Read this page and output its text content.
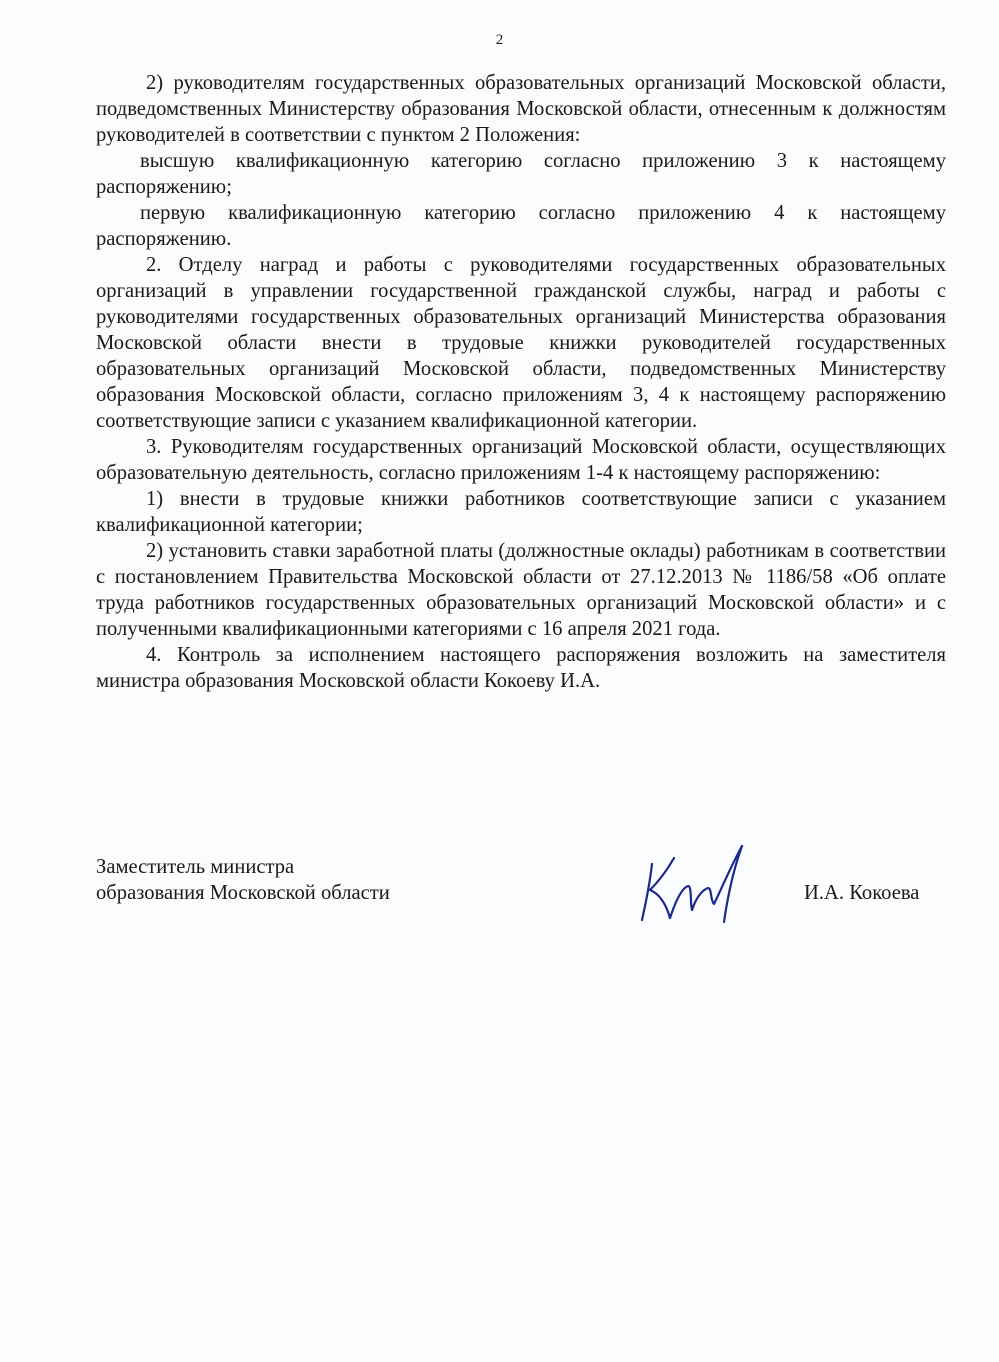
2

2) руководителям государственных образовательных организаций Московской области, подведомственных Министерству образования Московской области, отнесенным к должностям руководителей в соответствии с пунктом 2 Положения:

высшую квалификационную категорию согласно приложению 3 к настоящему распоряжению;

первую квалификационную категорию согласно приложению 4 к настоящему распоряжению.

2. Отделу наград и работы с руководителями государственных образовательных организаций в управлении государственной гражданской службы, наград и работы с руководителями государственных образовательных организаций Министерства образования Московской области внести в трудовые книжки руководителей государственных образовательных организаций Московской области, подведомственных Министерству образования Московской области, согласно приложениям 3, 4 к настоящему распоряжению соответствующие записи с указанием квалификационной категории.

3. Руководителям государственных организаций Московской области, осуществляющих образовательную деятельность, согласно приложениям 1-4 к настоящему распоряжению:

1) внести в трудовые книжки работников соответствующие записи с указанием квалификационной категории;

2) установить ставки заработной платы (должностные оклады) работникам в соответствии с постановлением Правительства Московской области от 27.12.2013 № 1186/58 «Об оплате труда работников государственных образовательных организаций Московской области» и с полученными квалификационными категориями с 16 апреля 2021 года.

4. Контроль за исполнением настоящего распоряжения возложить на заместителя министра образования Московской области Кокоеву И.А.

Заместитель министра
образования Московской области	И.А. Кокоева
